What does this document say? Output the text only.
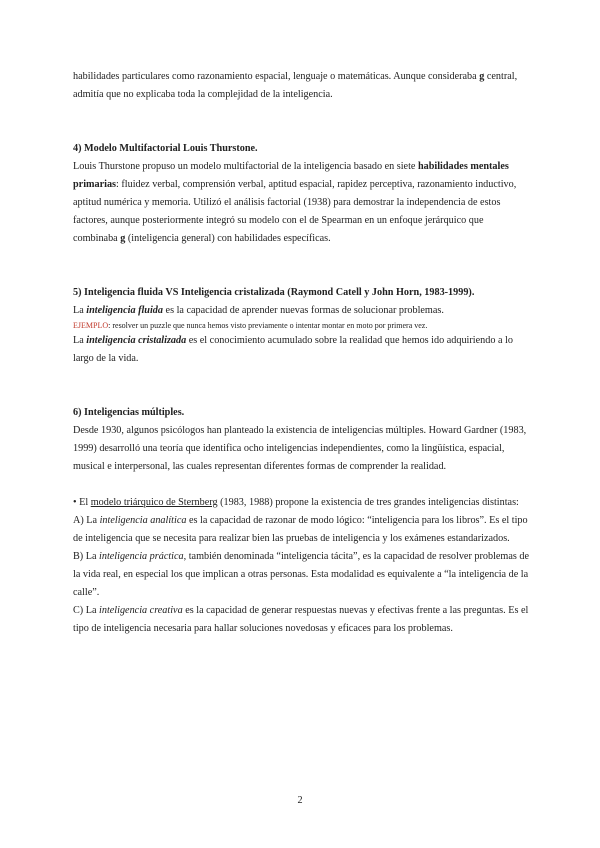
habilidades particulares como razonamiento espacial, lenguaje o matemáticas. Aunque consideraba g central, admitía que no explicaba toda la complejidad de la inteligencia.

4) Modelo Multifactorial Louis Thurstone.

Louis Thurstone propuso un modelo multifactorial de la inteligencia basado en siete habilidades mentales primarias: fluidez verbal, comprensión verbal, aptitud espacial, rapidez perceptiva, razonamiento inductivo, aptitud numérica y memoria. Utilizó el análisis factorial (1938) para demostrar la independencia de estos factores, aunque posteriormente integró su modelo con el de Spearman en un enfoque jerárquico que combinaba g (inteligencia general) con habilidades específicas.

5) Inteligencia fluida VS Inteligencia cristalizada (Raymond Catell y John Horn, 1983-1999).

La inteligencia fluida es la capacidad de aprender nuevas formas de solucionar problemas.

EJEMPLO: resolver un puzzle que nunca hemos visto previamente o intentar montar en moto por primera vez.

La inteligencia cristalizada es el conocimiento acumulado sobre la realidad que hemos ido adquiriendo a lo largo de la vida.

6) Inteligencias múltiples.

Desde 1930, algunos psicólogos han planteado la existencia de inteligencias múltiples. Howard Gardner (1983, 1999) desarrolló una teoría que identifica ocho inteligencias independientes, como la lingüística, espacial, musical e interpersonal, las cuales representan diferentes formas de comprender la realidad.

• El modelo triárquico de Sternberg (1983, 1988) propone la existencia de tres grandes inteligencias distintas:

A) La inteligencia analítica es la capacidad de razonar de modo lógico: “inteligencia para los libros”. Es el tipo de inteligencia que se necesita para realizar bien las pruebas de inteligencia y los exámenes estandarizados.

B) La inteligencia práctica, también denominada “inteligencia tácita”, es la capacidad de resolver problemas de la vida real, en especial los que implican a otras personas. Esta modalidad es equivalente a “la inteligencia de la calle”.

C) La inteligencia creativa es la capacidad de generar respuestas nuevas y efectivas frente a las preguntas. Es el tipo de inteligencia necesaria para hallar soluciones novedosas y eficaces para los problemas.

2
